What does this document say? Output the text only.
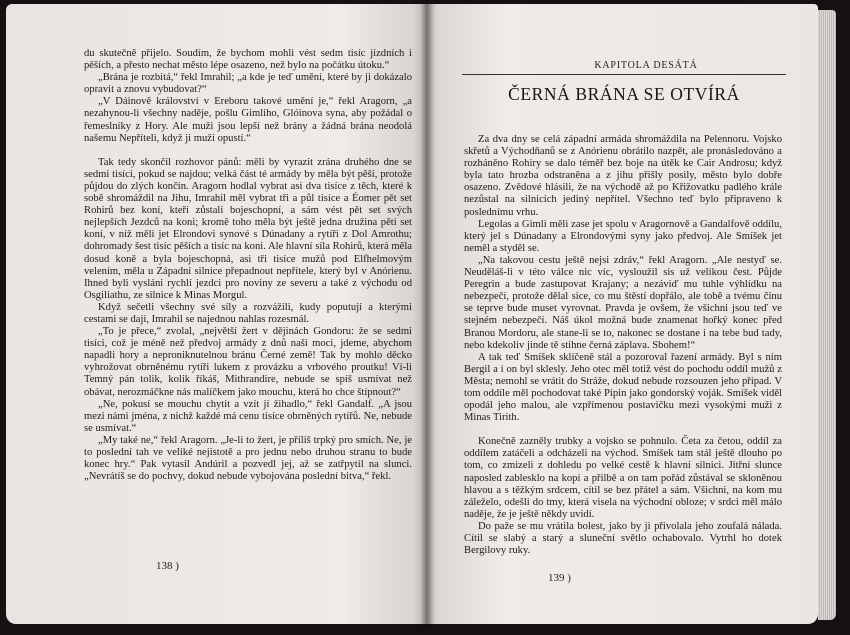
du skutečně přijelo. Soudím, že bychom mohli vést sedm tisíc jízdních i pěších, a přesto nechat město lépe osazeno, než bylo na počátku útoku.“

„Brána je rozbitá,“ řekl Imrahil; „a kde je teď umění, které by ji dokázalo opravit a znovu vybudovat?“

„V Dáinově království v Ereboru takové umění je,“ řekl Aragorn, „a nezahynou-li všechny naděje, pošlu Gimliho, Glóinova syna, aby požádal o řemeslníky z Hory. Ale muži jsou lepší než brány a žádná brána neodolá našemu Nepříteli, když ji muži opustí.“

Tak tedy skončil rozhovor pánů: měli by vyrazit zrána druhého dne se sedmi tisíci, pokud se najdou; velká část té armády by měla být pěší, protože půjdou do zlých končin. Aragorn hodlal vybrat asi dva tisíce z těch, které k sobě shromáždil na Jihu, Imrahil měl vybrat tři a půl tisíce a Éomer pět set Rohirů bez koní, kteří zůstali bojeschopní, a sám vést pět set svých nejlepších Jezdců na koni; kromě toho měla být ještě jedna družina pěti set koní, v níž měli jet Elrondovi synové s Dúnadany a rytíři z Dol Amrothu; dohromady šest tisíc pěších a tisíc na koni. Ale hlavní síla Rohirů, která měla dosud koně a byla bojeschopná, asi tři tisíce mužů pod Elfhelmovým velením, měla u Západní silnice přepadnout nepřítele, který byl v Anórienu. Ihned byli vysláni rychlí jezdci pro noviny ze severu a také z východu od Osgiliathu, ze silnice k Minas Morgul.

Když sečetli všechny své síly a rozvážili, kudy poputují a kterými cestami se dají, Imrahil se najednou nahlas rozesmál.

„To je přece,“ zvolal, „největší žert v dějinách Gondoru: že se sedmi tisíci, což je méně než předvoj armády z dnů naší moci, jdeme, abychom napadli hory a neproniknutelnou bránu Černé země! Tak by mohlo děcko vyhrožovat obrněnému rytíři lukem z provázku a vrbového proutku! Ví-li Temný pán tolik, kolik říkáš, Mithrandire, nebude se spíš usmívat než obávat, nerozmáčkne nás malíčkem jako mouchu, která ho chce štípnout?“

„Ne, pokusí se mouchu chytit a vzít jí žihadlo,“ řekl Gandalf. „A jsou mezi námi jména, z nichž každé má cenu tisíce obrněných rytířů. Ne, nebude se usmívat.“

„My také ne,“ řekl Aragorn. „Je-li to žert, je příliš trpký pro smích. Ne, je to poslední tah ve veliké nejistotě a pro jednu nebo druhou stranu to bude konec hry.“ Pak vytasil Andúril a pozvedl jej, až se zatřpytil na slunci. „Nevrátíš se do pochvy, dokud nebude vybojována poslední bitva,“ řekl.

138 )
KAPITOLA DESÁTÁ
ČERNÁ BRÁNA SE OTVÍRÁ

Za dva dny se celá západní armáda shromáždila na Pelennoru. Vojsko skřetů a Východňanů se z Anórienu obrátilo nazpět, ale pronásledováno a rozháněno Rohiry se dalo téměř bez boje na útěk ke Cair Androsu; když byla tato hrozba odstraněna a z jihu přišly posily, město bylo dobře osazeno. Zvědové hlásili, že na východě až po Křižovatku padlého krále nezůstal na silnicích jediný nepřítel. Všechno teď bylo připraveno k poslednímu vrhu.

Legolas a Gimli měli zase jet spolu v Aragornově a Gandalfově oddílu, který jel s Dúnadany a Elrondovými syny jako předvoj. Ale Smíšek jet neměl a styděl se.

„Na takovou cestu ještě nejsi zdráv,“ řekl Aragorn. „Ale nestyď se. Neuděláš-li v této válce nic víc, vysloužil sis už velikou čest. Půjde Peregrin a bude zastupovat Krajany; a nezáviď mu tuhle výhlídku na nebezpečí, protože dělal sice, co mu štěstí dopřálo, ale tobě a tvému činu se teprve bude muset vyrovnat. Pravda je ovšem, že všichni jsou teď ve stejném nebezpečí. Náš úkol možná bude znamenat hořký konec před Branou Mordoru, ale stane-li se to, nakonec se dostane i na tebe bud tady, nebo kdekoliv jinde tě stihne černá záplava. Sbohem!“

A tak teď Smíšek sklíčeně stál a pozoroval řazení armády. Byl s ním Bergil a i on byl sklesly. Jeho otec měl totiž vést do pochodu oddíl mužů z Města; nemohl se vrátit do Stráže, dokud nebude rozsouzen jeho případ. V tom oddíle měl pochodovat také Pipin jako gondorský voják. Smíšek viděl opodál jeho malou, ale vzpřímenou postavičku mezi vysokými muži z Minas Tirith.

Konečně zazněly trubky a vojsko se pohnulo. Četa za četou, oddíl za oddílem zatáčeli a odcházeli na východ. Smíšek tam stál ještě dlouho po tom, co zmizeli z dohledu po velké cestě k hlavní silnici. Jitřní slunce naposled zablesklo na kopí a přilbě a on tam pořád zůstával se skloněnou hlavou a s těžkým srdcem, cítil se bez přátel a sám. Všichni, na kom mu záleželo, odešli do tmy, která visela na východní obloze; v srdci měl málo naděje, že je ještě někdy uvidí.

Do paže se mu vrátila bolest, jako by ji přivolala jeho zoufalá nálada. Cítil se slabý a starý a sluneční světlo ochabovalo. Vytrhl ho dotek Bergilovy ruky.

139 )
